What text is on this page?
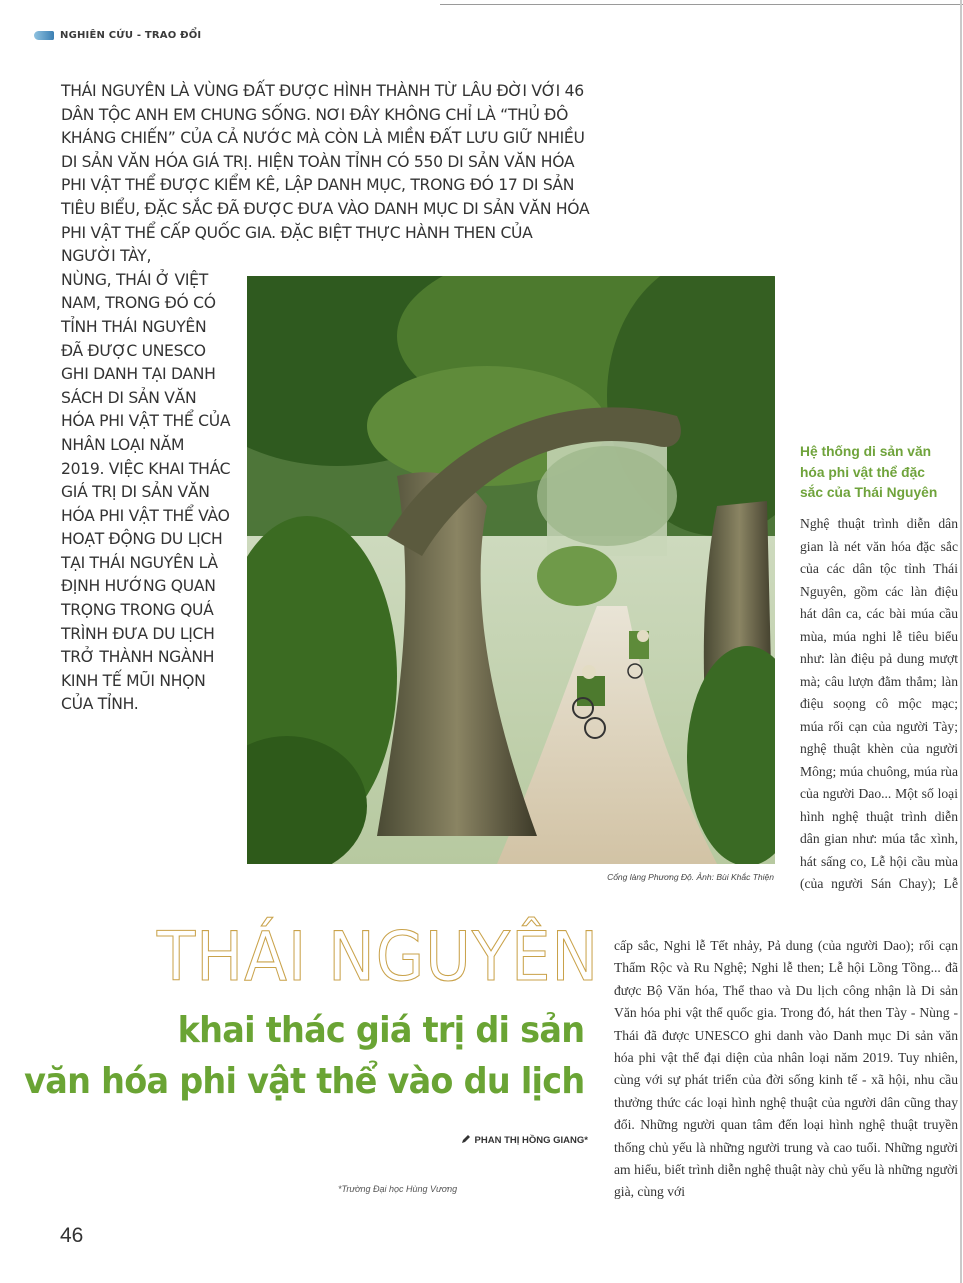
NGHIÊN CỨU - TRAO ĐỔI
THÁI NGUYÊN LÀ VÙNG ĐẤT ĐƯỢC HÌNH THÀNH TỪ LÂU ĐỜI VỚI 46 DÂN TỘC ANH EM CHUNG SỐNG. NƠI ĐÂY KHÔNG CHỈ LÀ “THỦ ĐÔ KHÁNG CHIẾN” CỦA CẢ NƯỚC MÀ CÒN LÀ MIỀN ĐẤT LƯU GIỮ NHIỀU DI SẢN VĂN HÓA GIÁ TRỊ. HIỆN TOÀN TỈNH CÓ 550 DI SẢN VĂN HÓA PHI VẬT THỂ ĐƯỢC KIỂM KÊ, LẬP DANH MỤC, TRONG ĐÓ 17 DI SẢN TIÊU BIỂU, ĐẶC SẮC ĐÃ ĐƯỢC ĐƯA VÀO DANH MỤC DI SẢN VĂN HÓA PHI VẬT THỂ CẤP QUỐC GIA. ĐẶC BIỆT THỰC HÀNH THEN CỦA NGƯỜI TÀY,
NÙNG, THÁI Ở VIỆT NAM, TRONG ĐÓ CÓ TỈNH THÁI NGUYÊN ĐÃ ĐƯỢC UNESCO GHI DANH TẠI DANH SÁCH DI SẢN VĂN HÓA PHI VẬT THỂ CỦA NHÂN LOẠI NĂM 2019. VIỆC KHAI THÁC GIÁ TRỊ DI SẢN VĂN HÓA PHI VẬT THỂ VÀO HOẠT ĐỘNG DU LỊCH TẠI THÁI NGUYÊN LÀ ĐỊNH HƯỚNG QUAN TRỌNG TRONG QUÁ TRÌNH ĐƯA DU LỊCH TRỞ THÀNH NGÀNH KINH TẾ MŨI NHỌN CỦA TỈNH.
Cổng làng Phương Độ. Ảnh: Bùi Khắc Thiện
Hệ thống di sản văn hóa phi vật thể đặc sắc của Thái Nguyên
Nghệ thuật trình diễn dân gian là nét văn hóa đặc sắc của các dân tộc tỉnh Thái Nguyên, gồm các làn điệu hát dân ca, các bài múa cầu mùa, múa nghi lễ tiêu biểu như: làn điệu pả dung mượt mà; câu lượn đằm thắm; làn điệu soọng cô mộc mạc; múa rối cạn của người Tày; nghệ thuật khèn của người Mông; múa chuông, múa rùa của người Dao... Một số loại hình nghệ thuật trình diễn dân gian như: múa tắc xình, hát sấng co, Lễ hội cầu mùa (của người Sán Chay); Lễ
cấp sắc, Nghi lễ Tết nhảy, Pả dung (của người Dao); rối cạn Thẩm Rộc và Ru Nghệ; Nghi lễ then; Lễ hội Lồng Tồng... đã được Bộ Văn hóa, Thể thao và Du lịch công nhận là Di sản Văn hóa phi vật thể quốc gia. Trong đó, hát then Tày - Nùng - Thái đã được UNESCO ghi danh vào Danh mục Di sản văn hóa phi vật thể đại diện của nhân loại năm 2019. Tuy nhiên, cùng với sự phát triển của đời sống kinh tế - xã hội, nhu cầu thưởng thức các loại hình nghệ thuật của người dân cũng thay đổi. Những người quan tâm đến loại hình nghệ thuật truyền thống chủ yếu là những người trung và cao tuổi. Những người am hiểu, biết trình diễn nghệ thuật này chủ yếu là những người già, cùng với
THÁI NGUYÊN
khai thác giá trị di sản
văn hóa phi vật thể vào du lịch
PHAN THỊ HỒNG GIANG*
*Trường Đại học Hùng Vương
46
